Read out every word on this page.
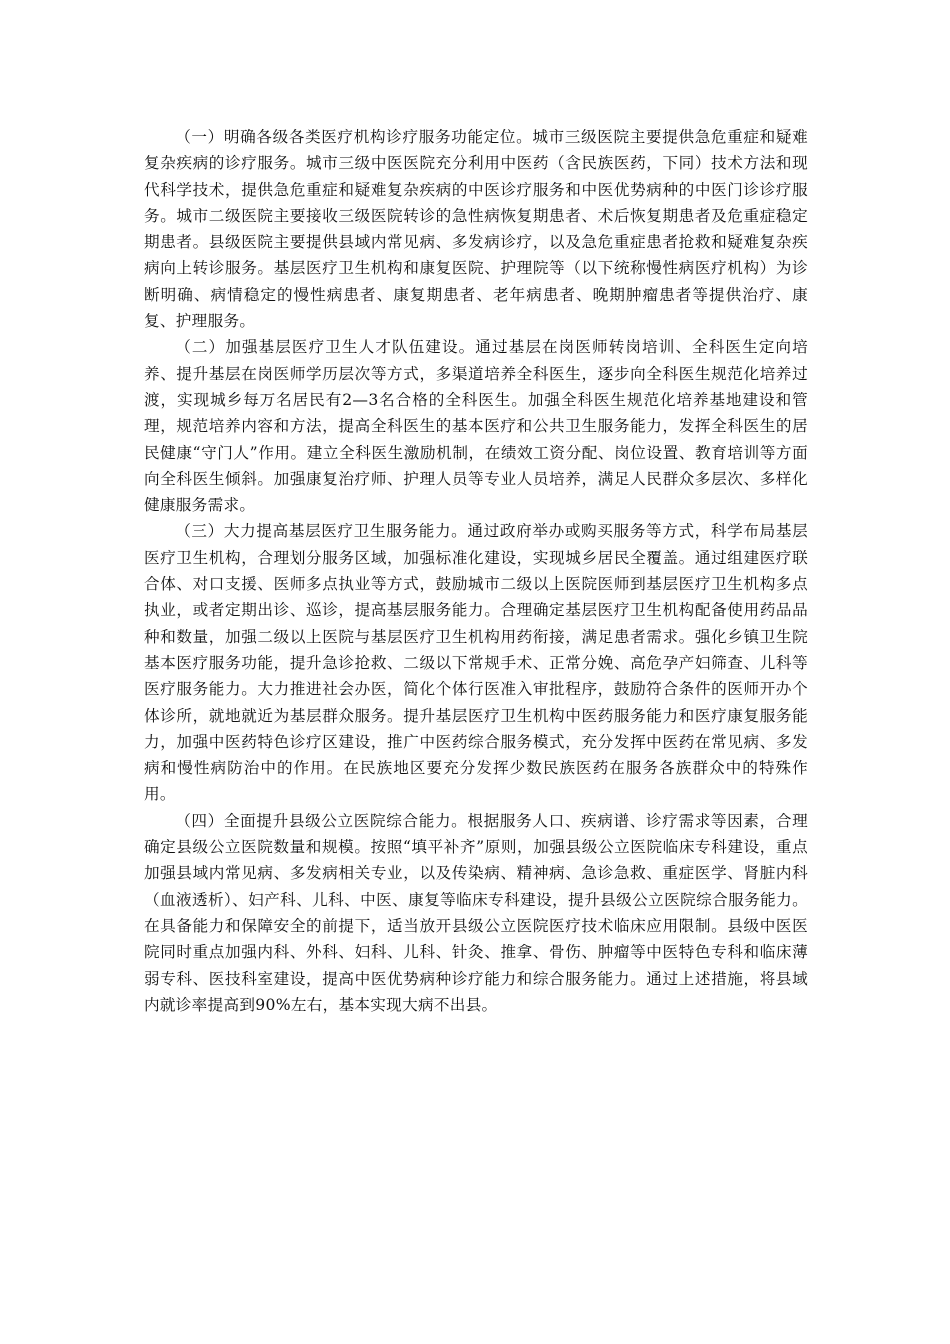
（一）明确各级各类医疗机构诊疗服务功能定位。城市三级医院主要提供急危重症和疑难复杂疾病的诊疗服务。城市三级中医医院充分利用中医药（含民族医药，下同）技术方法和现代科学技术，提供急危重症和疑难复杂疾病的中医诊疗服务和中医优势病种的中医门诊诊疗服务。城市二级医院主要接收三级医院转诊的急性病恢复期患者、术后恢复期患者及危重症稳定期患者。县级医院主要提供县域内常见病、多发病诊疗，以及急危重症患者抢救和疑难复杂疾病向上转诊服务。基层医疗卫生机构和康复医院、护理院等（以下统称慢性病医疗机构）为诊断明确、病情稳定的慢性病患者、康复期患者、老年病患者、晚期肿瘤患者等提供治疗、康复、护理服务。

（二）加强基层医疗卫生人才队伍建设。通过基层在岗医师转岗培训、全科医生定向培养、提升基层在岗医师学历层次等方式，多渠道培养全科医生，逐步向全科医生规范化培养过渡，实现城乡每万名居民有2—3名合格的全科医生。加强全科医生规范化培养基地建设和管理，规范培养内容和方法，提高全科医生的基本医疗和公共卫生服务能力，发挥全科医生的居民健康“守门人”作用。建立全科医生激励机制，在绩效工资分配、岗位设置、教育培训等方面向全科医生倾斜。加强康复治疗师、护理人员等专业人员培养，满足人民群众多层次、多样化健康服务需求。

（三）大力提高基层医疗卫生服务能力。通过政府举办或购买服务等方式，科学布局基层医疗卫生机构，合理划分服务区域，加强标准化建设，实现城乡居民全覆盖。通过组建医疗联合体、对口支援、医师多点执业等方式，鼓励城市二级以上医院医师到基层医疗卫生机构多点执业，或者定期出诊、巡诊，提高基层服务能力。合理确定基层医疗卫生机构配备使用药品品种和数量，加强二级以上医院与基层医疗卫生机构用药衔接，满足患者需求。强化乡镇卫生院基本医疗服务功能，提升急诊抢救、二级以下常规手术、正常分娩、高危孕产妇筛查、儿科等医疗服务能力。大力推进社会办医，简化个体行医准入审批程序，鼓励符合条件的医师开办个体诊所，就地就近为基层群众服务。提升基层医疗卫生机构中医药服务能力和医疗康复服务能力，加强中医药特色诊疗区建设，推广中医药综合服务模式，充分发挥中医药在常见病、多发病和慢性病防治中的作用。在民族地区要充分发挥少数民族医药在服务各族群众中的特殊作用。

（四）全面提升县级公立医院综合能力。根据服务人口、疾病谱、诊疗需求等因素，合理确定县级公立医院数量和规模。按照“填平补齐”原则，加强县级公立医院临床专科建设，重点加强县域内常见病、多发病相关专业，以及传染病、精神病、急诊急救、重症医学、肾脏内科（血液透析）、妇产科、儿科、中医、康复等临床专科建设，提升县级公立医院综合服务能力。在具备能力和保障安全的前提下，适当放开县级公立医院医疗技术临床应用限制。县级中医医院同时重点加强内科、外科、妇科、儿科、针灸、推拿、骨伤、肿瘤等中医特色专科和临床薄弱专科、医技科室建设，提高中医优势病种诊疗能力和综合服务能力。通过上述措施，将县域内就诊率提高到90%左右，基本实现大病不出县。
